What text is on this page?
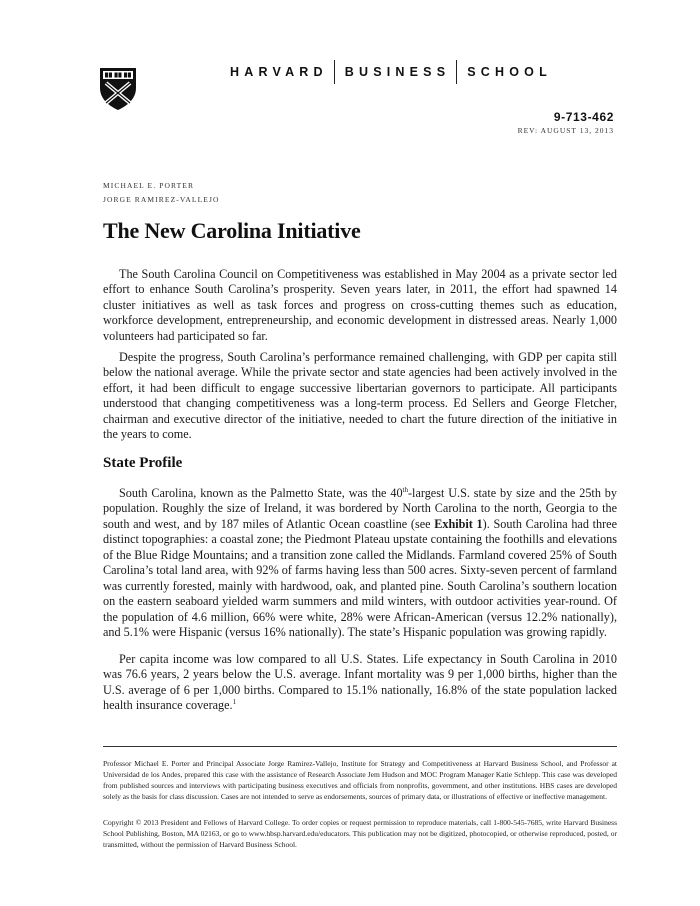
HARVARD BUSINESS SCHOOL
9-713-462
REV: AUGUST 13, 2013
MICHAEL E. PORTER
JORGE RAMIREZ-VALLEJO
The New Carolina Initiative

The South Carolina Council on Competitiveness was established in May 2004 as a private sector led effort to enhance South Carolina’s prosperity. Seven years later, in 2011, the effort had spawned 14 cluster initiatives as well as task forces and progress on cross-cutting themes such as education, workforce development, entrepreneurship, and economic development in distressed areas. Nearly 1,000 volunteers had participated so far.

Despite the progress, South Carolina’s performance remained challenging, with GDP per capita still below the national average. While the private sector and state agencies had been actively involved in the effort, it had been difficult to engage successive libertarian governors to participate. All participants understood that changing competitiveness was a long-term process. Ed Sellers and George Fletcher, chairman and executive director of the initiative, needed to chart the future direction of the initiative in the years to come.

State Profile

South Carolina, known as the Palmetto State, was the 40th-largest U.S. state by size and the 25th by population. Roughly the size of Ireland, it was bordered by North Carolina to the north, Georgia to the south and west, and by 187 miles of Atlantic Ocean coastline (see Exhibit 1). South Carolina had three distinct topographies: a coastal zone; the Piedmont Plateau upstate containing the foothills and elevations of the Blue Ridge Mountains; and a transition zone called the Midlands. Farmland covered 25% of South Carolina’s total land area, with 92% of farms having less than 500 acres. Sixty-seven percent of farmland was currently forested, mainly with hardwood, oak, and planted pine. South Carolina’s southern location on the eastern seaboard yielded warm summers and mild winters, with outdoor activities year-round. Of the population of 4.6 million, 66% were white, 28% were African-American (versus 12.2% nationally), and 5.1% were Hispanic (versus 16% nationally). The state’s Hispanic population was growing rapidly.

Per capita income was low compared to all U.S. States. Life expectancy in South Carolina in 2010 was 76.6 years, 2 years below the U.S. average. Infant mortality was 9 per 1,000 births, higher than the U.S. average of 6 per 1,000 births. Compared to 15.1% nationally, 16.8% of the state population lacked health insurance coverage.$^1$

Professor Michael E. Porter and Principal Associate Jorge Ramirez-Vallejo, Institute for Strategy and Competitiveness at Harvard Business School, and Professor at Universidad de los Andes, prepared this case with the assistance of Research Associate Jem Hudson and MOC Program Manager Katie Schlepp. This case was developed from published sources and interviews with participating business executives and officials from nonprofits, government, and other institutions. HBS cases are developed solely as the basis for class discussion. Cases are not intended to serve as endorsements, sources of primary data, or illustrations of effective or ineffective management.

Copyright © 2013 President and Fellows of Harvard College. To order copies or request permission to reproduce materials, call 1-800-545-7685, write Harvard Business School Publishing, Boston, MA 02163, or go to www.hbsp.harvard.edu/educators. This publication may not be digitized, photocopied, or otherwise reproduced, posted, or transmitted, without the permission of Harvard Business School.
